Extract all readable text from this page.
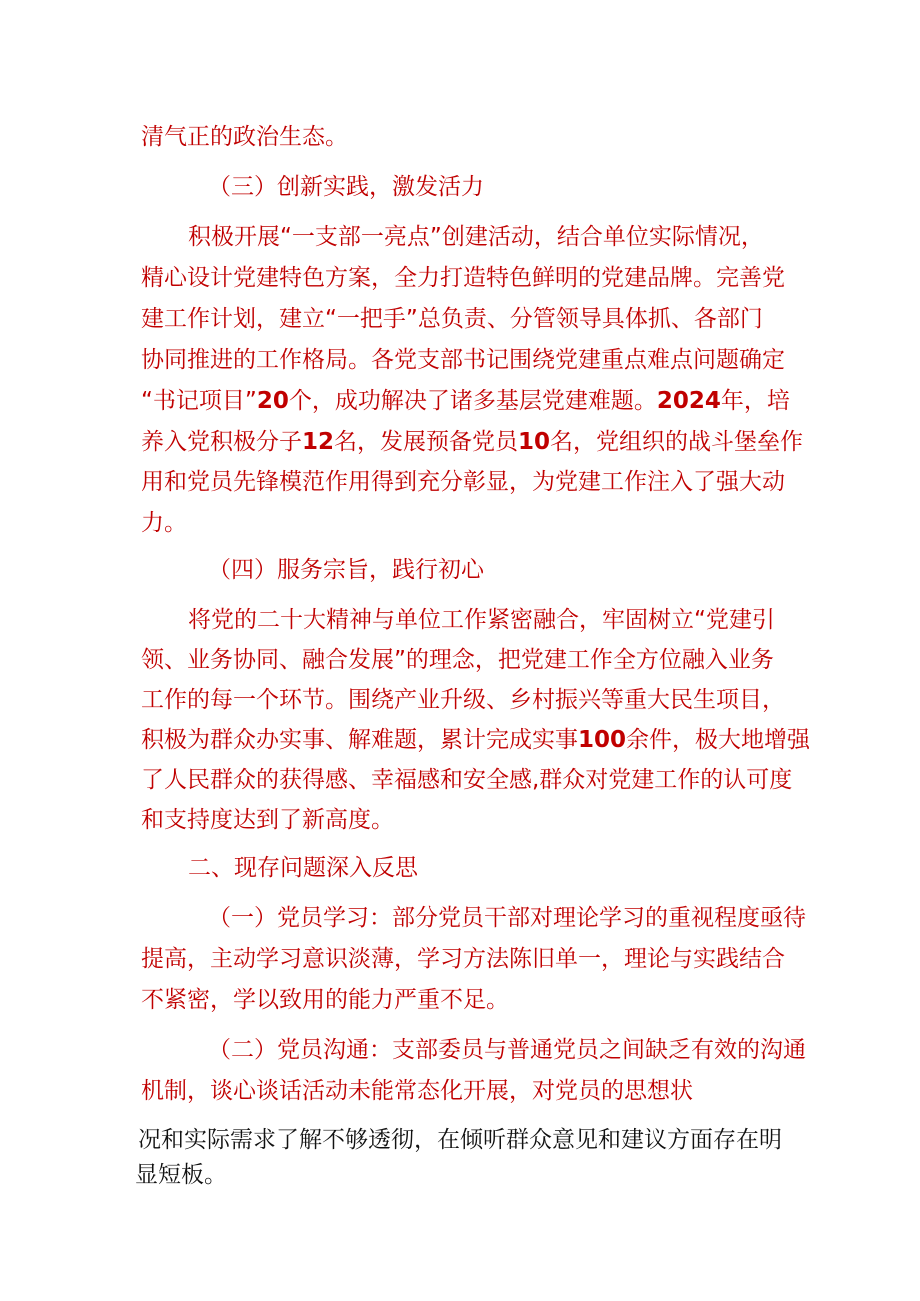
清气正的政治生态。

（三）创新实践，激发活力

积极开展“一支部一亮点”创建活动，结合单位实际情况，

精心设计党建特色方案，全力打造特色鲜明的党建品牌。完善党

建工作计划，建立“一把手”总负责、分管领导具体抓、各部门

协同推进的工作格局。各党支部书记围绕党建重点难点问题确定

“书记项目”20个，成功解决了诸多基层党建难题。2024年，培

养入党积极分子12名，发展预备党员10名，党组织的战斗堡垒作

用和党员先锋模范作用得到充分彰显，为党建工作注入了强大动

力。

（四）服务宗旨，践行初心

将党的二十大精神与单位工作紧密融合，牢固树立“党建引

领、业务协同、融合发展”的理念，把党建工作全方位融入业务

工作的每一个环节。围绕产业升级、乡村振兴等重大民生项目，

积极为群众办实事、解难题，累计完成实事100余件，极大地增强

了人民群众的获得感、幸福感和安全感,群众对党建工作的认可度

和支持度达到了新高度。

二、现存问题深入反思

（一）党员学习：部分党员干部对理论学习的重视程度亟待

提高，主动学习意识淡薄，学习方法陈旧单一，理论与实践结合

不紧密，学以致用的能力严重不足。

（二）党员沟通：支部委员与普通党员之间缺乏有效的沟通

机制，谈心谈话活动未能常态化开展，对党员的思想状

况和实际需求了解不够透彻，在倾听群众意见和建议方面存在明

显短板。
